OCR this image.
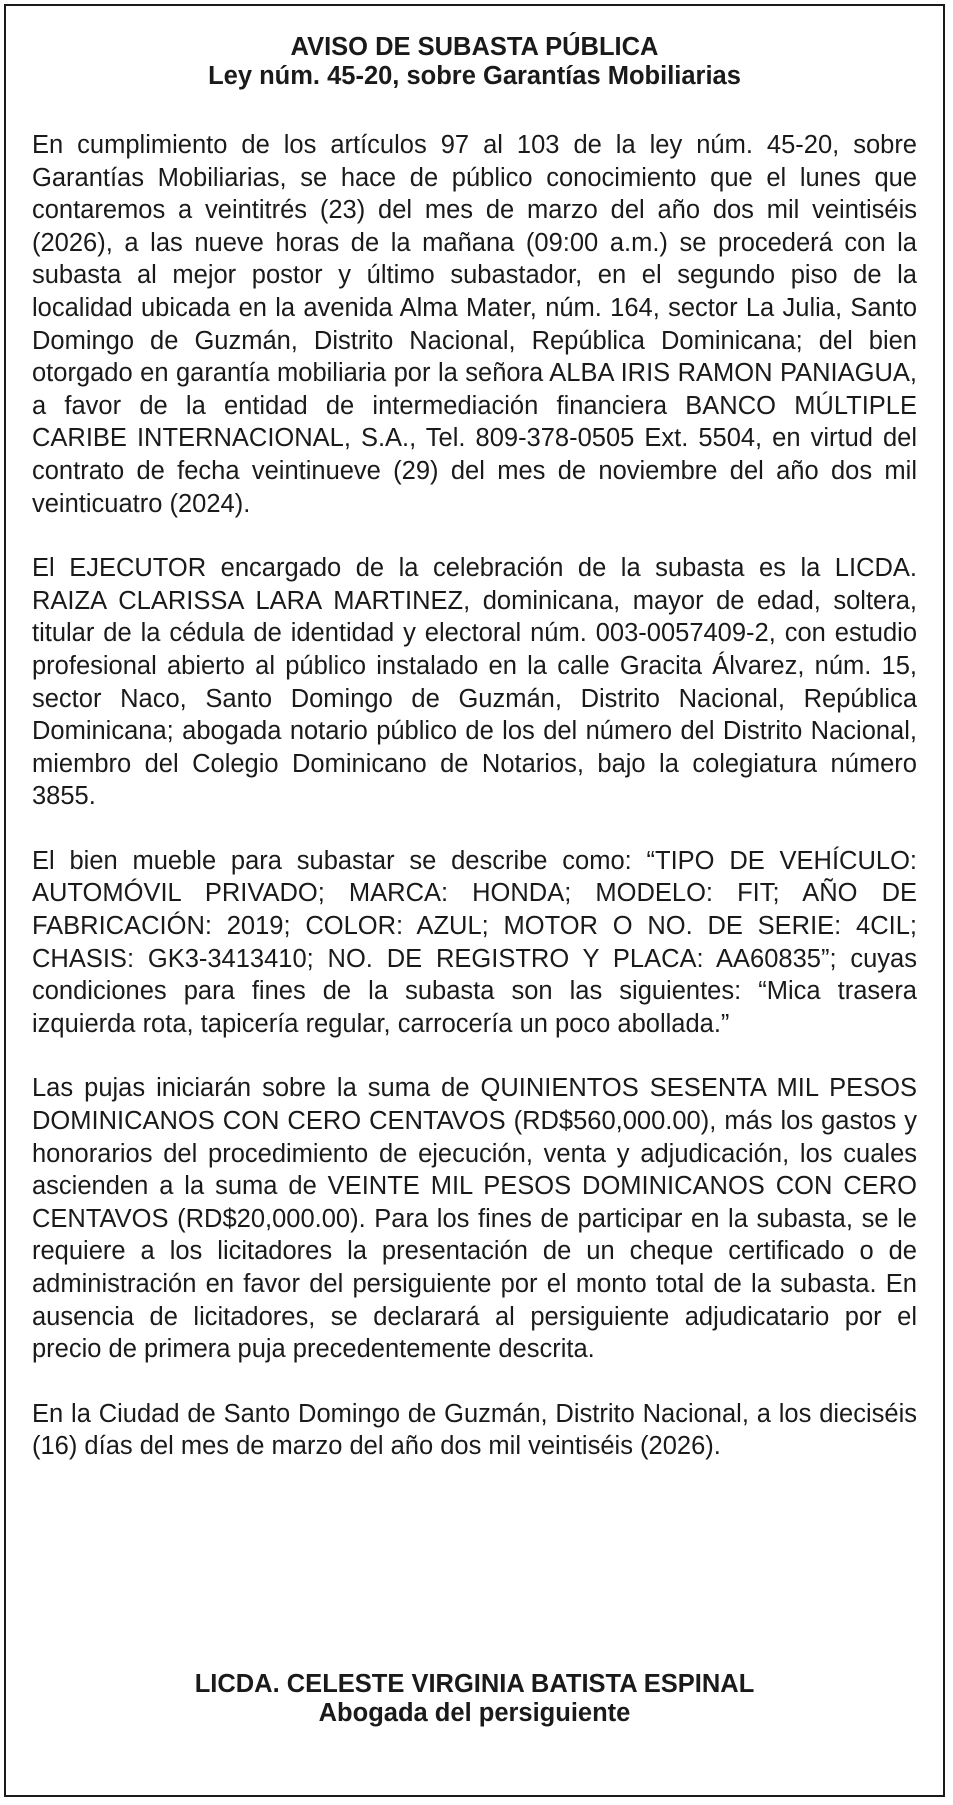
AVISO DE SUBASTA PÚBLICA
Ley núm. 45-20, sobre Garantías Mobiliarias

En cumplimiento de los artículos 97 al 103 de la ley núm. 45-20, sobre Garantías Mobiliarias, se hace de público conocimiento que el lunes que contaremos a veintitrés (23) del mes de marzo del año dos mil veintiséis (2026), a las nueve horas de la mañana (09:00 a.m.) se procederá con la subasta al mejor postor y último subastador, en el segundo piso de la localidad ubicada en la avenida Alma Mater, núm. 164, sector La Julia, Santo Domingo de Guzmán, Distrito Nacional, República Dominicana; del bien otorgado en garantía mobiliaria por la señora ALBA IRIS RAMON PANIAGUA, a favor de la entidad de intermediación financiera BANCO MÚLTIPLE CARIBE INTERNACIONAL, S.A., Tel. 809-378-0505 Ext. 5504, en virtud del contrato de fecha veintinueve (29) del mes de noviembre del año dos mil veinticuatro (2024).

El EJECUTOR encargado de la celebración de la subasta es la LICDA. RAIZA CLARISSA LARA MARTINEZ, dominicana, mayor de edad, soltera, titular de la cédula de identidad y electoral núm. 003-0057409-2, con estudio profesional abierto al público instalado en la calle Gracita Álvarez, núm. 15, sector Naco, Santo Domingo de Guzmán, Distrito Nacional, República Dominicana; abogada notario público de los del número del Distrito Nacional, miembro del Colegio Dominicano de Notarios, bajo la colegiatura número 3855.

El bien mueble para subastar se describe como: “TIPO DE VEHÍCULO: AUTOMÓVIL PRIVADO; MARCA: HONDA; MODELO: FIT; AÑO DE FABRICACIÓN: 2019; COLOR: AZUL; MOTOR O NO. DE SERIE: 4CIL; CHASIS: GK3-3413410; NO. DE REGISTRO Y PLACA: AA60835”; cuyas condiciones para fines de la subasta son las siguientes: “Mica trasera izquierda rota, tapicería regular, carrocería un poco abollada.”

Las pujas iniciarán sobre la suma de QUINIENTOS SESENTA MIL PESOS DOMINICANOS CON CERO CENTAVOS (RD$560,000.00), más los gastos y honorarios del procedimiento de ejecución, venta y adjudicación, los cuales ascienden a la suma de VEINTE MIL PESOS DOMINICANOS CON CERO CENTAVOS (RD$20,000.00). Para los fines de participar en la subasta, se le requiere a los licitadores la presentación de un cheque certificado o de administración en favor del persiguiente por el monto total de la subasta. En ausencia de licitadores, se declarará al persiguiente adjudicatario por el precio de primera puja precedentemente descrita.

En la Ciudad de Santo Domingo de Guzmán, Distrito Nacional, a los dieciséis (16) días del mes de marzo del año dos mil veintiséis (2026).

LICDA. CELESTE VIRGINIA BATISTA ESPINAL
Abogada del persiguiente
